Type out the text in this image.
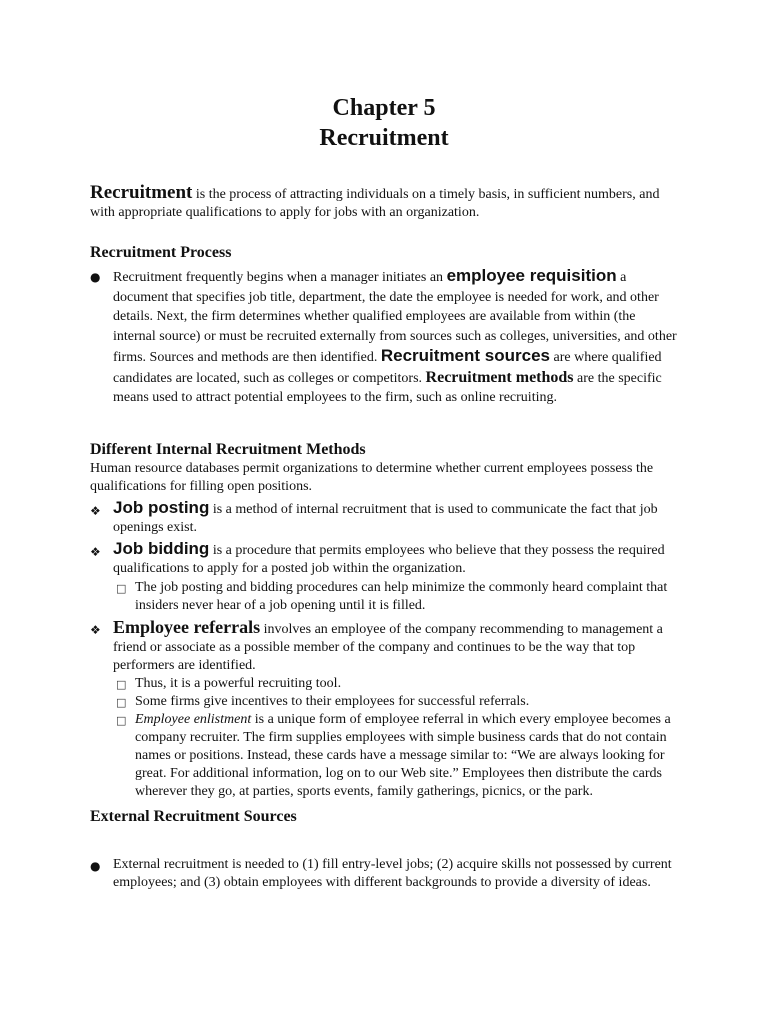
Chapter 5
Recruitment
Recruitment is the process of attracting individuals on a timely basis, in sufficient numbers, and with appropriate qualifications to apply for jobs with an organization.
Recruitment Process
● Recruitment frequently begins when a manager initiates an employee requisition a document that specifies job title, department, the date the employee is needed for work, and other details. Next, the firm determines whether qualified employees are available from within (the internal source) or must be recruited externally from sources such as colleges, universities, and other firms. Sources and methods are then identified. Recruitment sources are where qualified candidates are located, such as colleges or competitors. Recruitment methods are the specific means used to attract potential employees to the firm, such as online recruiting.
Different Internal Recruitment Methods
Human resource databases permit organizations to determine whether current employees possess the qualifications for filling open positions.
❖ Job posting is a method of internal recruitment that is used to communicate the fact that job openings exist.
❖ Job bidding is a procedure that permits employees who believe that they possess the required qualifications to apply for a posted job within the organization.
□ The job posting and bidding procedures can help minimize the commonly heard complaint that insiders never hear of a job opening until it is filled.
❖ Employee referrals involves an employee of the company recommending to management a friend or associate as a possible member of the company and continues to be the way that top performers are identified.
□ Thus, it is a powerful recruiting tool.
□ Some firms give incentives to their employees for successful referrals.
□ Employee enlistment is a unique form of employee referral in which every employee becomes a company recruiter. The firm supplies employees with simple business cards that do not contain names or positions. Instead, these cards have a message similar to: “We are always looking for great. For additional information, log on to our Web site.” Employees then distribute the cards wherever they go, at parties, sports events, family gatherings, picnics, or the park.
External Recruitment Sources
● External recruitment is needed to (1) fill entry-level jobs; (2) acquire skills not possessed by current employees; and (3) obtain employees with different backgrounds to provide a diversity of ideas.
